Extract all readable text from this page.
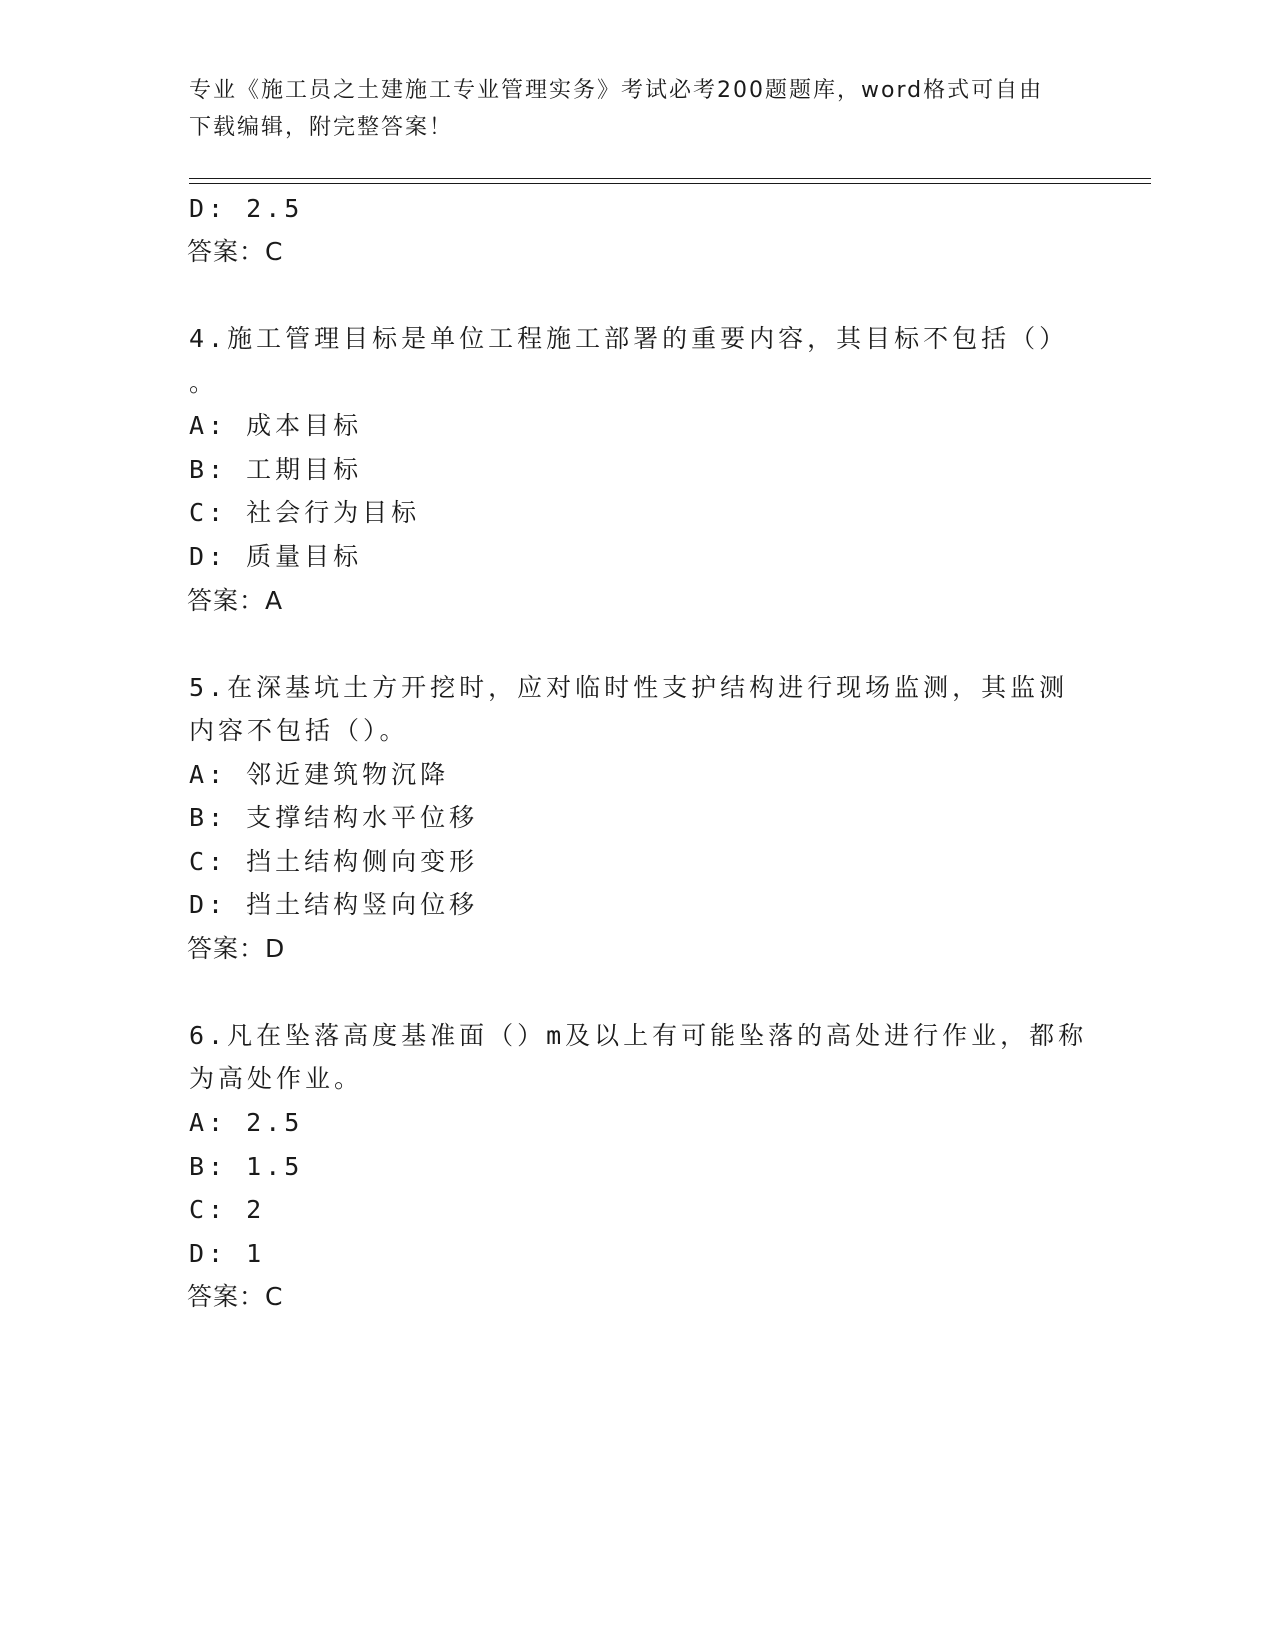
专业《施工员之土建施工专业管理实务》考试必考200题题库，word格式可自由
下载编辑，附完整答案！

D: 2.5

答案：C

4.施工管理目标是单位工程施工部署的重要内容，其目标不包括（）

。

A: 成本目标

B: 工期目标

C: 社会行为目标

D: 质量目标

答案：A

5.在深基坑土方开挖时，应对临时性支护结构进行现场监测，其监测

内容不包括（）。

A: 邻近建筑物沉降

B: 支撑结构水平位移

C: 挡土结构侧向变形

D: 挡土结构竖向位移

答案：D

6.凡在坠落高度基准面（）m及以上有可能坠落的高处进行作业，都称

为高处作业。

A: 2.5

B: 1.5

C: 2

D: 1

答案：C
